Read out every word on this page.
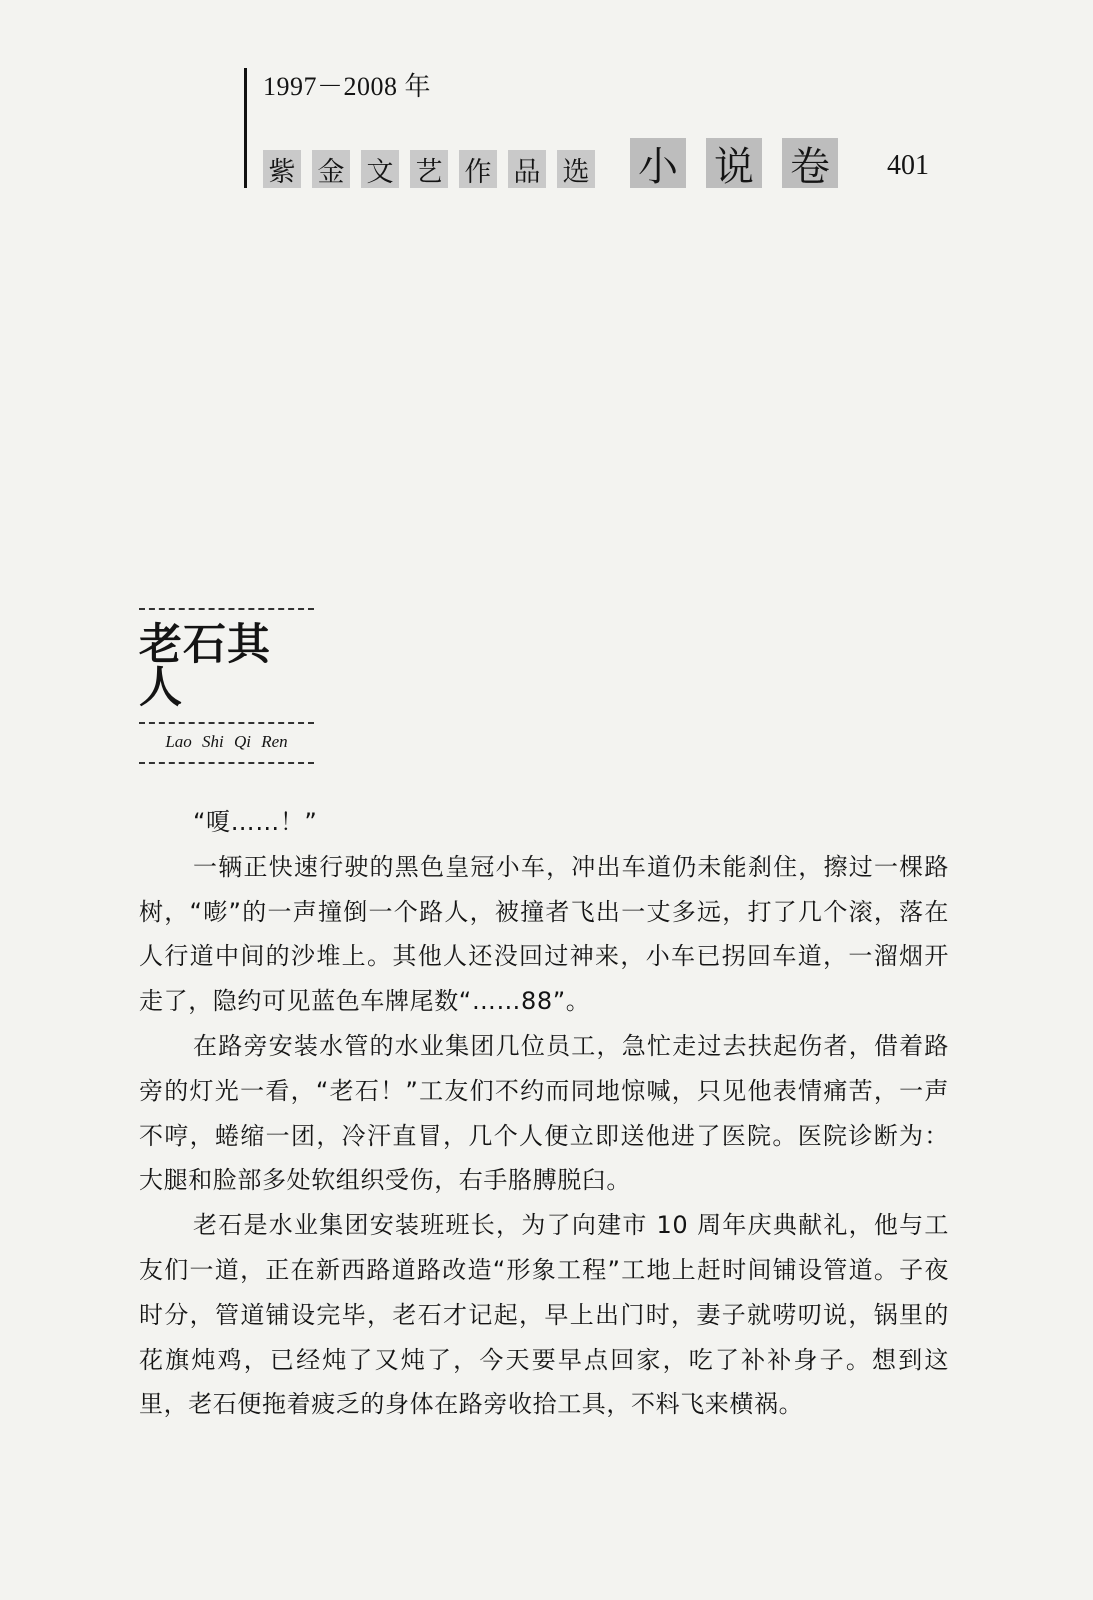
1997－2008 年
紫 金 文 艺 作 品 选 小 说 卷 401
老石其人
Lao Shi Qi Ren

“嗄……！”

一辆正快速行驶的黑色皇冠小车，冲出车道仍未能刹住，擦过一棵路树，“嘭”的一声撞倒一个路人，被撞者飞出一丈多远，打了几个滚，落在人行道中间的沙堆上。其他人还没回过神来，小车已拐回车道，一溜烟开走了，隐约可见蓝色车牌尾数“……88”。

在路旁安装水管的水业集团几位员工，急忙走过去扶起伤者，借着路旁的灯光一看，“老石！”工友们不约而同地惊喊，只见他表情痛苦，一声不哼，蜷缩一团，冷汗直冒，几个人便立即送他进了医院。医院诊断为：大腿和脸部多处软组织受伤，右手胳膊脱臼。

老石是水业集团安装班班长，为了向建市 10 周年庆典献礼，他与工友们一道，正在新西路道路改造“形象工程”工地上赶时间铺设管道。子夜时分，管道铺设完毕，老石才记起，早上出门时，妻子就唠叨说，锅里的花旗炖鸡，已经炖了又炖了，今天要早点回家，吃了补补身子。想到这里，老石便拖着疲乏的身体在路旁收拾工具，不料飞来横祸。
